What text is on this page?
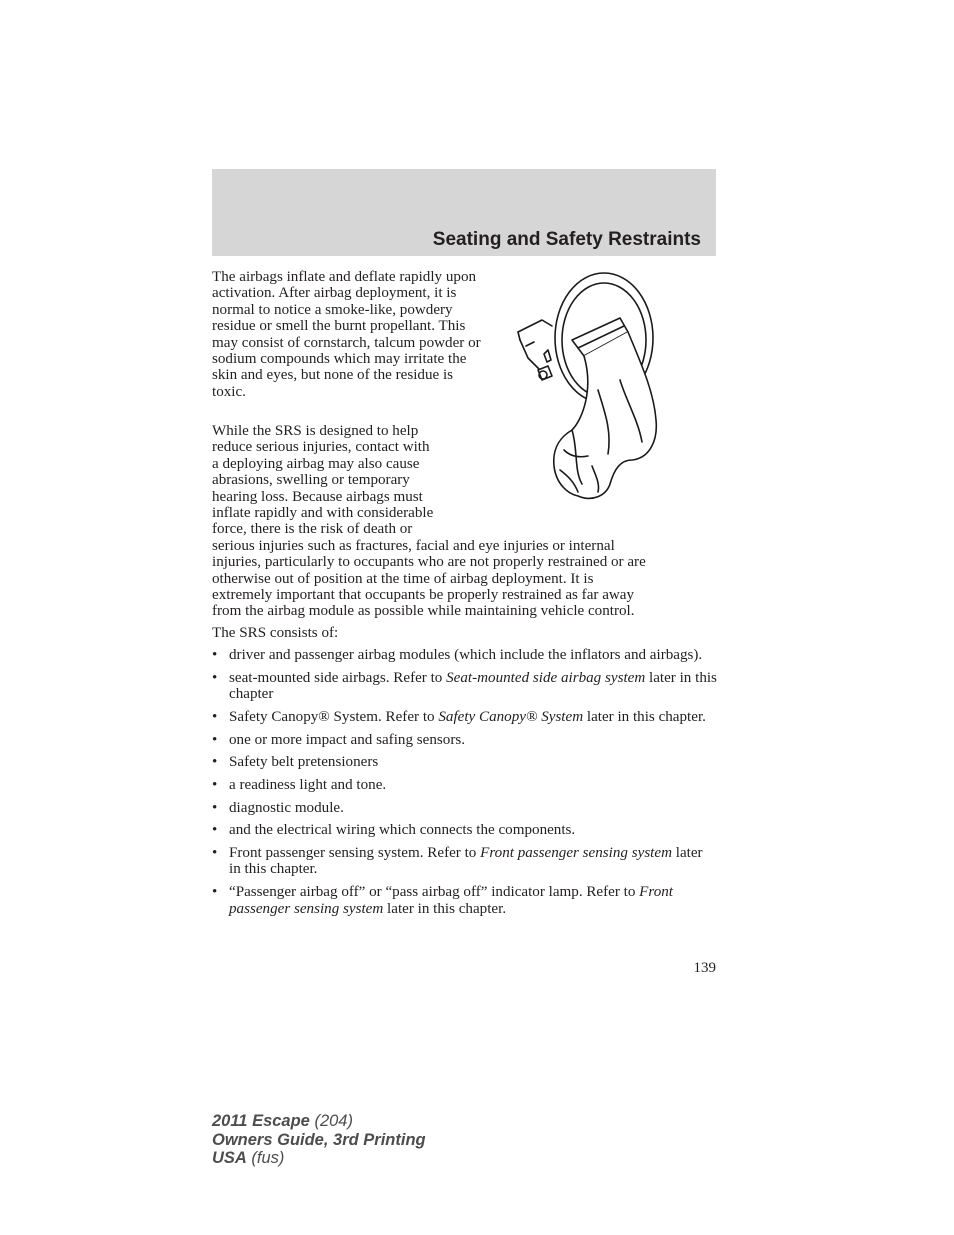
Seating and Safety Restraints

The airbags inflate and deflate rapidly upon activation. After airbag deployment, it is normal to notice a smoke-like, powdery residue or smell the burnt propellant. This may consist of cornstarch, talcum powder or sodium compounds which may irritate the skin and eyes, but none of the residue is toxic.

While the SRS is designed to help
reduce serious injuries, contact with
a deploying airbag may also cause
abrasions, swelling or temporary
hearing loss. Because airbags must
inflate rapidly and with considerable
force, there is the risk of death or
serious injuries such as fractures, facial and eye injuries or internal
injuries, particularly to occupants who are not properly restrained or are
otherwise out of position at the time of airbag deployment. It is
extremely important that occupants be properly restrained as far away
from the airbag module as possible while maintaining vehicle control.

The SRS consists of:

• driver and passenger airbag modules (which include the inflators and airbags).
• seat-mounted side airbags. Refer to Seat-mounted side airbag system later in this chapter
• Safety Canopy® System. Refer to Safety Canopy® System later in this chapter.
• one or more impact and safing sensors.
• Safety belt pretensioners
• a readiness light and tone.
• diagnostic module.
• and the electrical wiring which connects the components.
• Front passenger sensing system. Refer to Front passenger sensing system later in this chapter.
• “Passenger airbag off” or “pass airbag off” indicator lamp. Refer to Front passenger sensing system later in this chapter.
139
2011 Escape (204)
Owners Guide, 3rd Printing
USA (fus)
